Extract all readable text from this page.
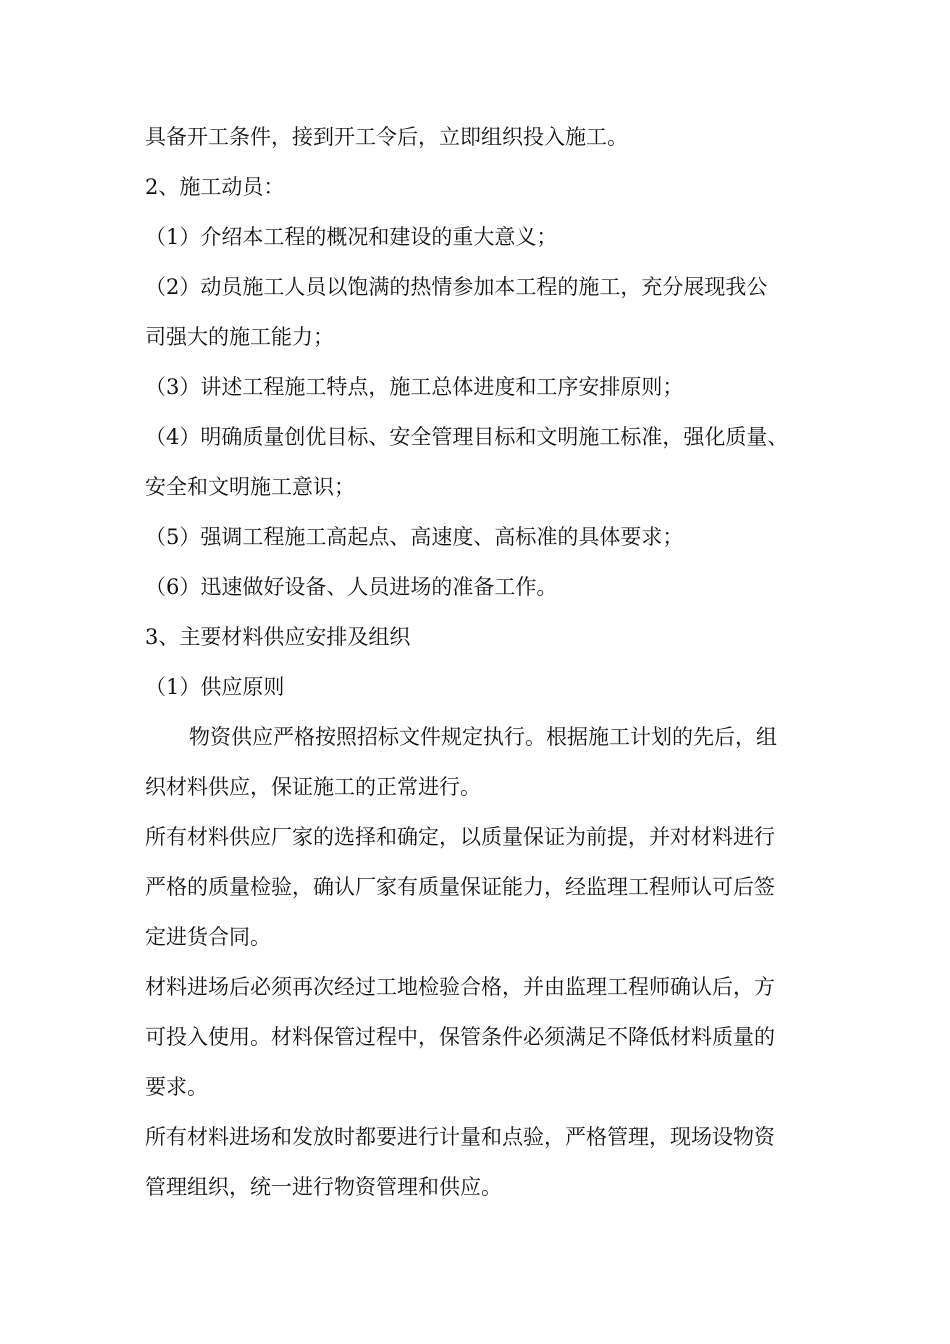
具备开工条件，接到开工令后，立即组织投入施工。
2、施工动员：
（1）介绍本工程的概况和建设的重大意义；
（2）动员施工人员以饱满的热情参加本工程的施工，充分展现我公
司强大的施工能力；
（3）讲述工程施工特点，施工总体进度和工序安排原则；
（4）明确质量创优目标、安全管理目标和文明施工标准，强化质量、
安全和文明施工意识；
（5）强调工程施工高起点、高速度、高标准的具体要求；
（6）迅速做好设备、人员进场的准备工作。
3、主要材料供应安排及组织
（1）供应原则
物资供应严格按照招标文件规定执行。根据施工计划的先后，组
织材料供应，保证施工的正常进行。
所有材料供应厂家的选择和确定，以质量保证为前提，并对材料进行
严格的质量检验，确认厂家有质量保证能力，经监理工程师认可后签
定进货合同。
材料进场后必须再次经过工地检验合格，并由监理工程师确认后，方
可投入使用。材料保管过程中，保管条件必须满足不降低材料质量的
要求。
所有材料进场和发放时都要进行计量和点验，严格管理，现场设物资
管理组织，统一进行物资管理和供应。
